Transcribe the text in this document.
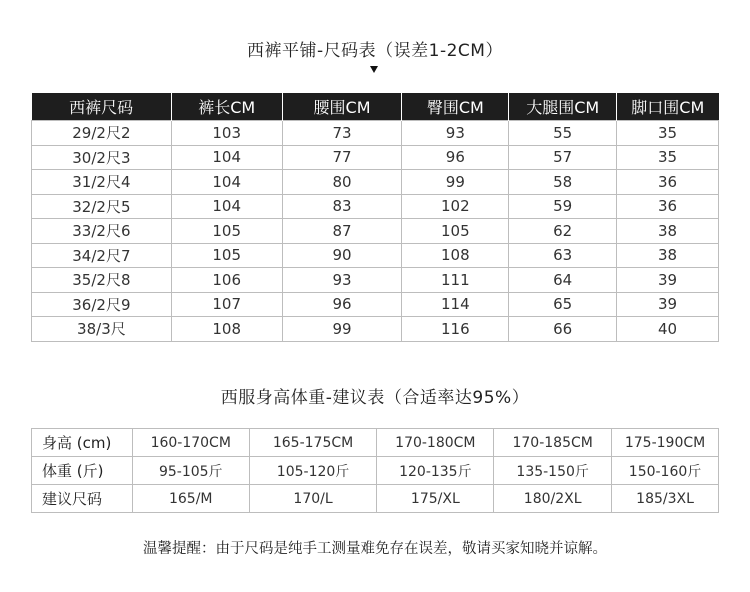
西裤平铺-尺码表（误差1-2CM）
西裤尺码	裤长CM	腰围CM	臀围CM	大腿围CM	脚口围CM
29/2尺2	103	73	93	55	35
30/2尺3	104	77	96	57	35
31/2尺4	104	80	99	58	36
32/2尺5	104	83	102	59	36
33/2尺6	105	87	105	62	38
34/2尺7	105	90	108	63	38
35/2尺8	106	93	111	64	39
36/2尺9	107	96	114	65	39
38/3尺	108	99	116	66	40
西服身高体重-建议表（合适率达95%）
身高 (cm)	160-170CM	165-175CM	170-180CM	170-185CM	175-190CM
体重 (斤)	95-105斤	105-120斤	120-135斤	135-150斤	150-160斤
建议尺码	165/M	170/L	175/XL	180/2XL	185/3XL
温馨提醒：由于尺码是纯手工测量难免存在误差，敬请买家知晓并谅解。
